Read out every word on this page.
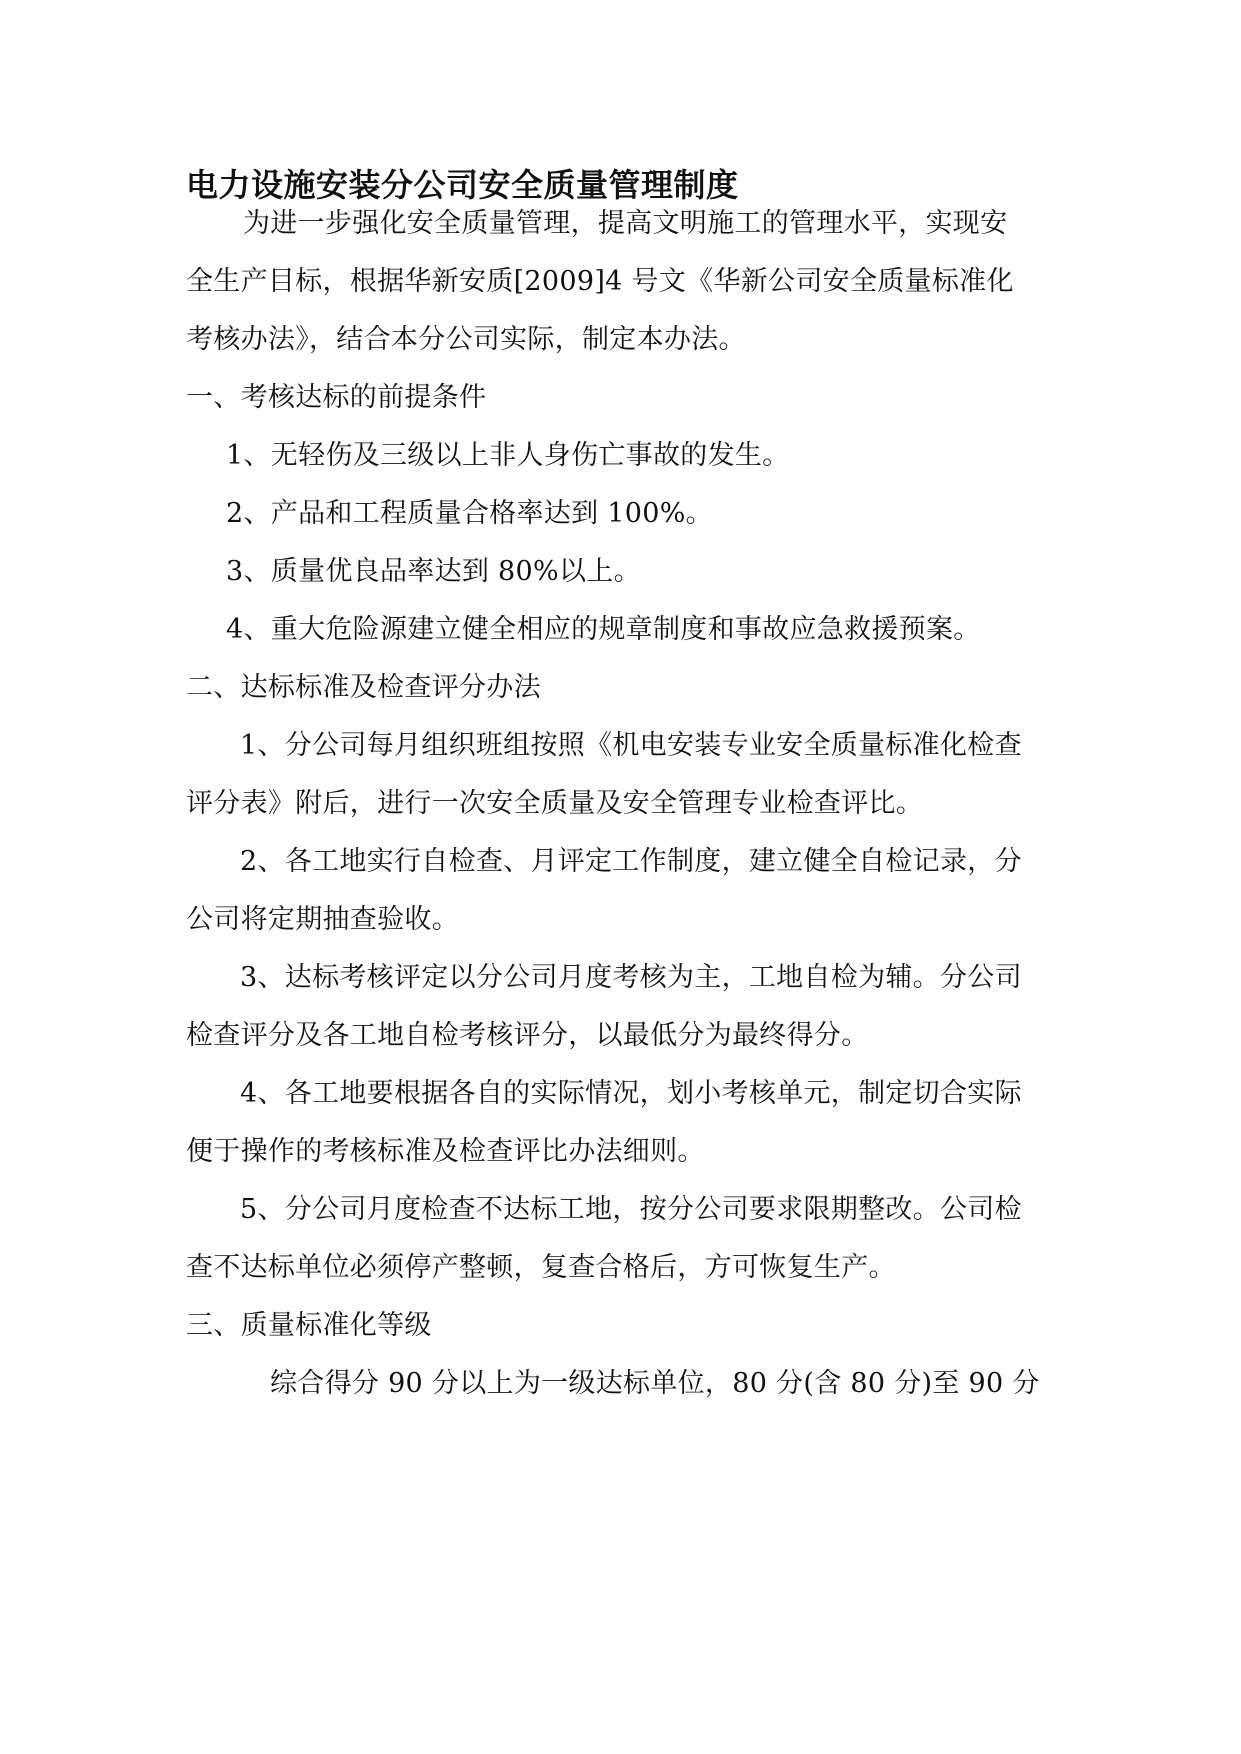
电力设施安装分公司安全质量管理制度

为进一步强化安全质量管理，提高文明施工的管理水平，实现安

全生产目标，根据华新安质[2009]4 号文《华新公司安全质量标准化

考核办法》，结合本分公司实际，制定本办法。

一、考核达标的前提条件

1、无轻伤及三级以上非人身伤亡事故的发生。

2、产品和工程质量合格率达到 100%。

3、质量优良品率达到 80%以上。

4、重大危险源建立健全相应的规章制度和事故应急救援预案。

二、达标标准及检查评分办法

1、分公司每月组织班组按照《机电安装专业安全质量标准化检查

评分表》附后，进行一次安全质量及安全管理专业检查评比。

2、各工地实行自检查、月评定工作制度，建立健全自检记录，分

公司将定期抽查验收。

3、达标考核评定以分公司月度考核为主，工地自检为辅。分公司

检查评分及各工地自检考核评分，以最低分为最终得分。

4、各工地要根据各自的实际情况，划小考核单元，制定切合实际

便于操作的考核标准及检查评比办法细则。

5、分公司月度检查不达标工地，按分公司要求限期整改。公司检

查不达标单位必须停产整顿，复查合格后，方可恢复生产。

三、质量标准化等级

综合得分 90 分以上为一级达标单位，80 分(含 80 分)至 90 分
